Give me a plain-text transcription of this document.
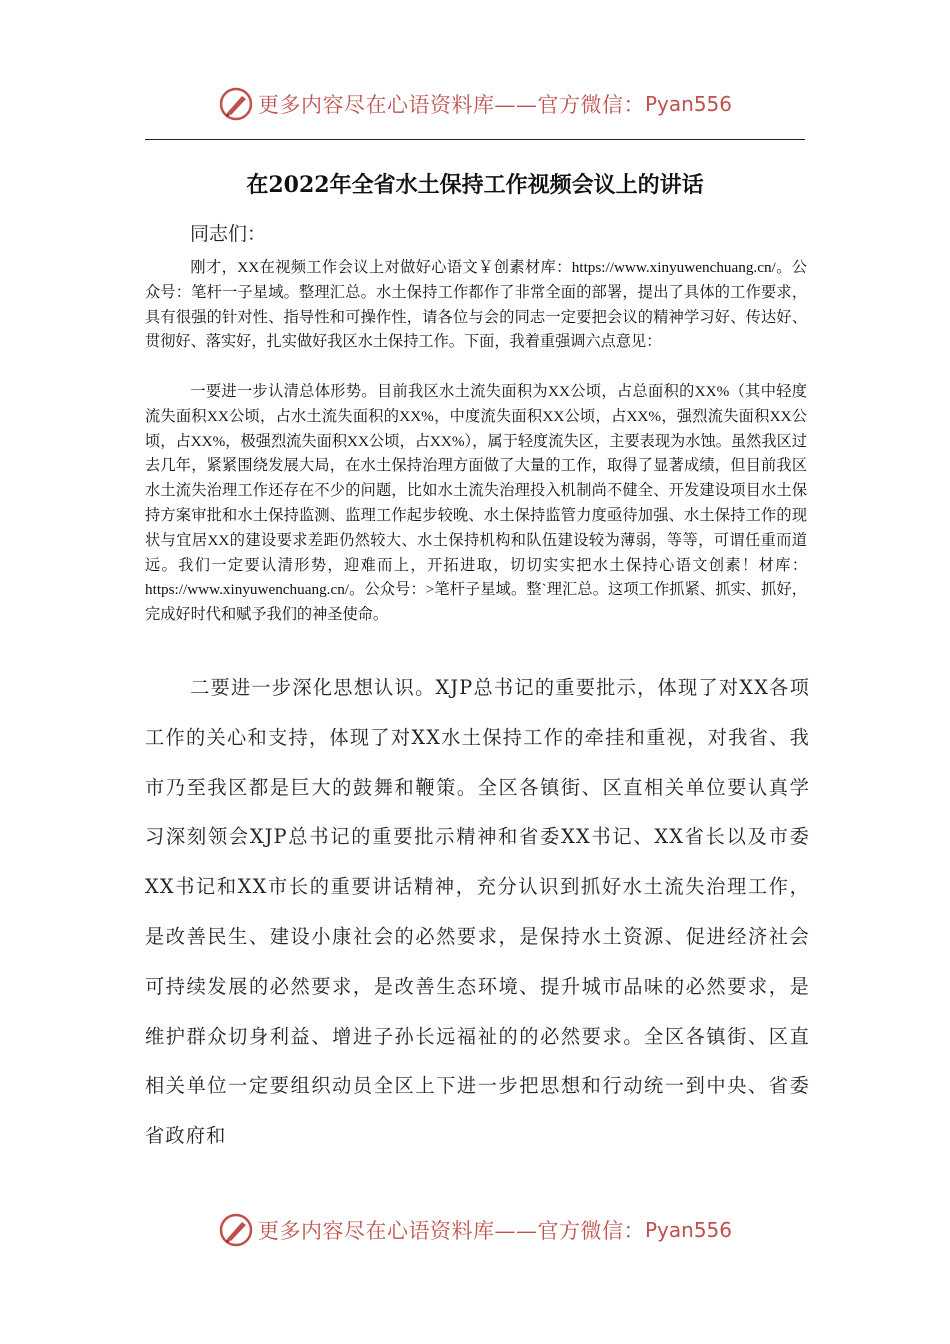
更多内容尽在心语资料库——官方微信： Pyan556
在2022年全省水土保持工作视频会议上的讲话
同志们：

刚才，XX在视频工作会议上对做好心语文￥创素材库：https://www.xinyuwenchuang.cn/。公众号：笔杆一子星域。整理汇总。水土保持工作都作了非常全面的部署，提出了具体的工作要求，具有很强的针对性、指导性和可操作性，请各位与会的同志一定要把会议的精神学习好、传达好、贯彻好、落实好，扎实做好我区水土保持工作。下面，我着重强调六点意见：

一要进一步认清总体形势。目前我区水土流失面积为XX公顷，占总面积的XX%（其中轻度流失面积XX公顷，占水土流失面积的XX%，中度流失面积XX公顷，占XX%，强烈流失面积XX公顷，占XX%，极强烈流失面积XX公顷，占XX%），属于轻度流失区，主要表现为水蚀。虽然我区过去几年，紧紧围绕发展大局，在水土保持治理方面做了大量的工作，取得了显著成绩，但目前我区水土流失治理工作还存在不少的问题，比如水土流失治理投入机制尚不健全、开发建设项目水土保持方案审批和水土保持监测、监理工作起步较晚、水土保持监管力度亟待加强、水土保持工作的现状与宜居XX的建设要求差距仍然较大、水土保持机构和队伍建设较为薄弱，等等，可谓任重而道远。我们一定要认清形势，迎难而上，开拓进取，切切实实把水土保持心语文创素！材库：https://www.xinyuwenchuang.cn/。公众号：>笔杆子星域。整`理汇总。这项工作抓紧、抓实、抓好，完成好时代和赋予我们的神圣使命。

二要进一步深化思想认识。XJP总书记的重要批示，体现了对XX各项工作的关心和支持，体现了对XX水土保持工作的牵挂和重视，对我省、我市乃至我区都是巨大的鼓舞和鞭策。全区各镇街、区直相关单位要认真学习深刻领会XJP总书记的重要批示精神和省委XX书记、XX省长以及市委XX书记和XX市长的重要讲话精神，充分认识到抓好水土流失治理工作，是改善民生、建设小康社会的必然要求，是保持水土资源、促进经济社会可持续发展的必然要求，是改善生态环境、提升城市品味的必然要求，是维护群众切身利益、增进子孙长远福祉的的必然要求。全区各镇街、区直相关单位一定要组织动员全区上下进一步把思想和行动统一到中央、省委省政府和

更多内容尽在心语资料库——官方微信： Pyan556
